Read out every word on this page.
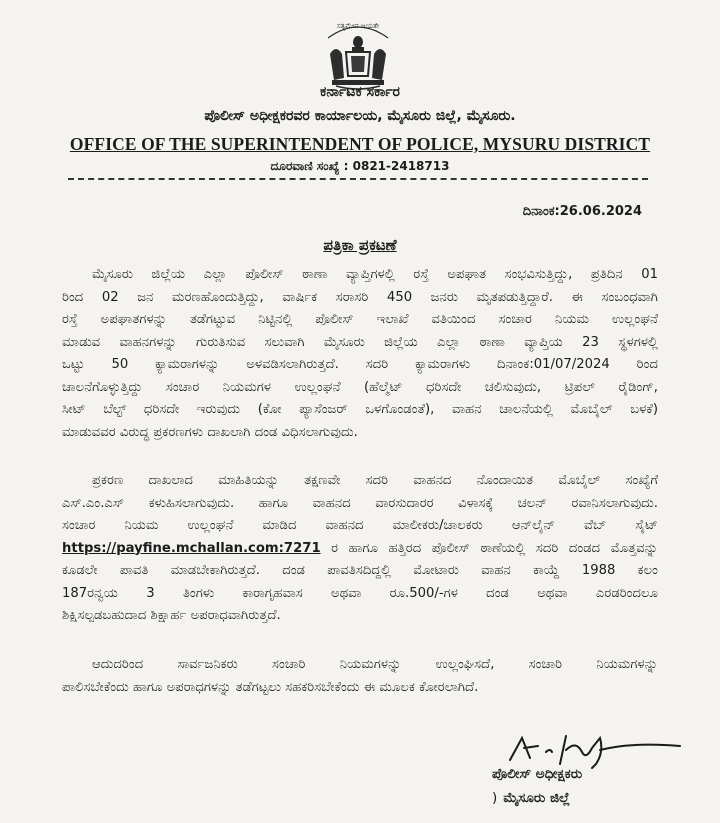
ಸತ್ಯಮೇವ ಜಯತೇ
ಕರ್ನಾಟಕ ಸರ್ಕಾರ
ಪೊಲೀಸ್ ಅಧೀಕ್ಷಕರವರ ಕಾರ್ಯಾಲಯ, ಮೈಸೂರು ಜಿಲ್ಲೆ, ಮೈಸೂರು.
OFFICE OF THE SUPERINTENDENT OF POLICE, MYSURU DISTRICT
ದೂರವಾಣಿ ಸಂಖ್ಯೆ : 0821-2418713
ದಿನಾಂಕ:26.06.2024
ಪತ್ರಿಕಾ ಪ್ರಕಟಣೆ
ಮೈಸೂರು ಜಿಲ್ಲೆಯ ಎಲ್ಲಾ ಪೊಲೀಸ್ ಠಾಣಾ ವ್ಯಾಪ್ತಿಗಳಲ್ಲಿ ರಸ್ತೆ ಅಪಘಾತ ಸಂಭವಿಸುತ್ತಿದ್ದು, ಪ್ರತಿದಿನ 01
ರಿಂದ 02 ಜನ ಮರಣಹೊಂದುತ್ತಿದ್ದು, ವಾರ್ಷಿಕ ಸರಾಸರಿ 450 ಜನರು ಮೃತಪಡುತ್ತಿದ್ದಾರೆ. ಈ ಸಂಬಂಧವಾಗಿ
ರಸ್ತೆ ಅಪಘಾತಗಳನ್ನು ತಡೆಗಟ್ಟುವ ನಿಟ್ಟಿನಲ್ಲಿ ಪೊಲೀಸ್ ಇಲಾಖೆ ವತಿಯಿಂದ ಸಂಚಾರ ನಿಯಮ ಉಲ್ಲಂಘನೆ
ಮಾಡುವ ವಾಹನಗಳನ್ನು ಗುರುತಿಸುವ ಸಲುವಾಗಿ ಮೈಸೂರು ಜಿಲ್ಲೆಯ ಎಲ್ಲಾ ಠಾಣಾ ವ್ಯಾಪ್ತಿಯ 23 ಸ್ಥಳಗಳಲ್ಲಿ
ಒಟ್ಟು 50 ಕ್ಯಾಮರಾಗಳನ್ನು ಅಳವಡಿಸಲಾಗಿರುತ್ತದೆ. ಸದರಿ ಕ್ಯಾಮರಾಗಳು ದಿನಾಂಕ:01/07/2024 ರಿಂದ
ಚಾಲನೆಗೊಳ್ಳುತ್ತಿದ್ದು ಸಂಚಾರ ನಿಯಮಗಳ ಉಲ್ಲಂಘನೆ (ಹೆಲ್ಮೆಟ್ ಧರಿಸದೇ ಚಲಿಸುವುದು, ಟ್ರಿಪಲ್ ರೈಡಿಂಗ್,
ಸೀಟ್ ಬೆಲ್ಟ್ ಧರಿಸದೇ ಇರುವುದು (ಕೋ ಪ್ಯಾಸೆಂಜರ್ ಒಳಗೊಂಡಂತೆ), ವಾಹನ ಚಾಲನೆಯಲ್ಲಿ ಮೊಬೈಲ್ ಬಳಕೆ)
ಮಾಡುವವರ ವಿರುದ್ಧ ಪ್ರಕರಣಗಳು ದಾಖಲಾಗಿ ದಂಡ ವಿಧಿಸಲಾಗುವುದು.
ಪ್ರಕರಣ ದಾಖಲಾದ ಮಾಹಿತಿಯನ್ನು ತಕ್ಷಣವೇ ಸದರಿ ವಾಹನದ ನೊಂದಾಯಿತ ಮೊಬೈಲ್ ಸಂಖ್ಯೆಗೆ
ಎಸ್.ಎಂ.ಎಸ್ ಕಳುಹಿಸಲಾಗುವುದು. ಹಾಗೂ ವಾಹನದ ವಾರಸುದಾರರ ವಿಳಾಸಕ್ಕೆ ಚಲನ್ ರವಾನಿಸಲಾಗುವುದು.
ಸಂಚಾರ ನಿಯಮ ಉಲ್ಲಂಘನೆ ಮಾಡಿದ ವಾಹನದ ಮಾಲೀಕರು/ಚಾಲಕರು ಆನ್‌ಲೈನ್ ವೆಬ್ ಸೈಟ್
https://payfine.mchallan.com:7271 ರ ಹಾಗೂ ಹತ್ತಿರದ ಪೊಲೀಸ್ ಠಾಣೆಯಲ್ಲಿ ಸದರಿ ದಂಡದ ಮೊತ್ತವನ್ನು
ಕೂಡಲೇ ಪಾವತಿ ಮಾಡಬೇಕಾಗಿರುತ್ತದೆ. ದಂಡ ಪಾವತಿಸದಿದ್ದಲ್ಲಿ ಮೋಟಾರು ವಾಹನ ಕಾಯ್ದೆ 1988 ಕಲಂ
187ರನ್ವಯ 3 ತಿಂಗಳು ಕಾರಾಗೃಹವಾಸ ಅಥವಾ ರೂ.500/-ಗಳ ದಂಡ ಅಥವಾ ಎರಡರಿಂದಲೂ
ಶಿಕ್ಷಿಸಲ್ಪಡಬಹುದಾದ ಶಿಕ್ಷಾರ್ಹ ಅಪರಾಧವಾಗಿರುತ್ತದೆ.
ಆದುದರಿಂದ ಸಾರ್ವಜನಿಕರು ಸಂಚಾರಿ ನಿಯಮಗಳನ್ನು ಉಲ್ಲಂಘಿಸದೆ, ಸಂಚಾರಿ ನಿಯಮಗಳನ್ನು
ಪಾಲಿಸಬೇಕೆಂದು ಹಾಗೂ ಅಪರಾಧಗಳನ್ನು ತಡೆಗಟ್ಟಲು ಸಹಕರಿಸಬೇಕೆಂದು ಈ ಮೂಲಕ ಕೋರಲಾಗಿದೆ.
ಪೊಲೀಸ್ ಅಧೀಕ್ಷಕರು
) ಮೈಸೂರು ಜಿಲ್ಲೆ
